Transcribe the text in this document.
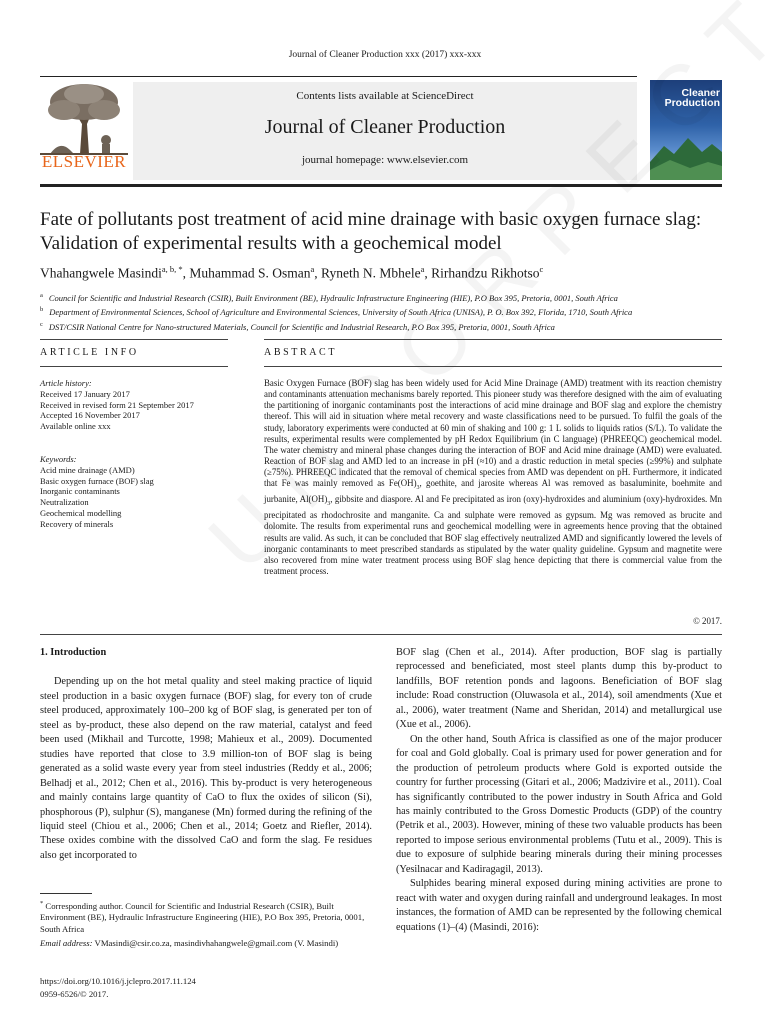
Journal of Cleaner Production xxx (2017) xxx-xxx
ELSEVIER
Contents lists available at ScienceDirect
Journal of Cleaner Production
journal homepage: www.elsevier.com
Cleaner
Production
Fate of pollutants post treatment of acid mine drainage with basic oxygen furnace slag: Validation of experimental results with a geochemical model
Vhahangwele Masindi$^{a, b, *}$, Muhammad S. Osman$^a$, Ryneth N. Mbhele$^a$, Rirhandzu Rikhotso$^c$
$^a$ Council for Scientific and Industrial Research (CSIR), Built Environment (BE), Hydraulic Infrastructure Engineering (HIE), P.O Box 395, Pretoria, 0001, South Africa
$^b$ Department of Environmental Sciences, School of Agriculture and Environmental Sciences, University of South Africa (UNISA), P. O. Box 392, Florida, 1710, South Africa
$^c$ DST/CSIR National Centre for Nano-structured Materials, Council for Scientific and Industrial Research, P.O Box 395, Pretoria, 0001, South Africa
ARTICLE INFO	ABSTRACT
Article history:
Received 17 January 2017
Received in revised form 21 September 2017
Accepted 16 November 2017
Available online xxx
Keywords:
Acid mine drainage (AMD)
Basic oxygen furnace (BOF) slag
Inorganic contaminants
Neutralization
Geochemical modelling
Recovery of minerals
Basic Oxygen Furnace (BOF) slag has been widely used for Acid Mine Drainage (AMD) treatment with its reaction chemistry and contaminants attenuation mechanisms barely reported. This pioneer study was therefore designed with the aim of evaluating the partitioning of inorganic contaminants post the interactions of acid mine drainage and BOF slag and explore the chemistry thereof. This will aid in situation where metal recovery and waste classifications need to be pursued. To fulfil the goals of the study, laboratory experiments were conducted at 60 min of shaking and 100 g: 1 L solids to liquids ratios (S/L). To validate the results, experimental results were complemented by pH Redox Equilibrium (in C language) (PHREEQC) geochemical model. The water chemistry and mineral phase changes during the interaction of BOF and Acid mine drainage (AMD) were evaluated. Reaction of BOF slag and AMD led to an increase in pH (≈10) and a drastic reduction in metal species (≥99%) and sulphate (≥75%). PHREEQC indicated that the removal of chemical species from AMD was dependent on pH. Furthermore, it indicated that Fe was mainly removed as $Fe(OH)_3$, goethite, and jarosite whereas Al was removed as basaluminite, boehmite and jurbanite, $Al(OH)_3$, gibbsite and diaspore. Al and Fe precipitated as iron (oxy)-hydroxides and aluminium (oxy)-hydroxides. Mn precipitated as rhodochrosite and manganite. Ca and sulphate were removed as gypsum. Mg was removed as brucite and dolomite. The results from experimental runs and geochemical modelling were in agreements hence proving that the obtained results are valid. As such, it can be concluded that BOF slag effectively neutralized AMD and significantly lowered the levels of inorganic contaminants to meet prescribed standards as stipulated by the water quality guideline. Gypsum and magnetite were also recovered from mine water treatment process using BOF slag hence depicting that there is commercial value from the treatment process.
© 2017.
1. Introduction

Depending up on the hot metal quality and steel making practice of liquid steel production in a basic oxygen furnace (BOF) slag, for every ton of crude steel produced, approximately 100–200 kg of BOF slag, is generated per ton of steel as by-product, these also depend on the raw material, catalyst and feed been used (Mikhail and Turcotte, 1998; Mahieux et al., 2009). Documented studies have reported that close to 3.9 million-ton of BOF slag is being generated as a solid waste every year from steel industries (Reddy et al., 2006; Belhadj et al., 2012; Chen et al., 2016). This by-product is very heterogeneous and mainly contains large quantity of CaO to flux the oxides of silicon (Si), phosphorous (P), sulphur (S), manganese (Mn) formed during the refining of the liquid steel (Chiou et al., 2006; Chen et al., 2014; Goetz and Riefler, 2014). These oxides combine with the dissolved CaO and form the slag. Fe residues also get incorporated to

BOF slag (Chen et al., 2014). After production, BOF slag is partially reprocessed and beneficiated, most steel plants dump this by-product to landfills, BOF retention ponds and lagoons. Beneficiation of BOF slag include: Road construction (Oluwasola et al., 2014), soil amendments (Xue et al., 2006), water treatment (Name and Sheridan, 2014) and metallurgical use (Xue et al., 2006).

On the other hand, South Africa is classified as one of the major producer for coal and Gold globally. Coal is primary used for power generation and for the production of petroleum products where Gold is exported outside the country for further processing (Gitari et al., 2006; Madzivire et al., 2011). Coal has significantly contributed to the power industry in South Africa and Gold has mainly contributed to the Gross Domestic Products (GDP) of the country (Petrik et al., 2003). However, mining of these two valuable products has been reported to impose serious environmental problems (Tutu et al., 2009). This is due to exposure of sulphide bearing minerals during their mining processes (Yesilnacar and Kadiragagil, 2013).

Sulphides bearing mineral exposed during mining activities are prone to react with water and oxygen during rainfall and underground leakages. In most instances, the formation of AMD can be represented by the following chemical equations (1)–(4) (Masindi, 2016):

* Corresponding author. Council for Scientific and Industrial Research (CSIR), Built Environment (BE), Hydraulic Infrastructure Engineering (HIE), P.O Box 395, Pretoria, 0001, South Africa
Email address: VMasindi@csir.co.za, masindivhahangwele@gmail.com (V. Masindi)
https://doi.org/10.1016/j.jclepro.2017.11.124
0959-6526/© 2017.
